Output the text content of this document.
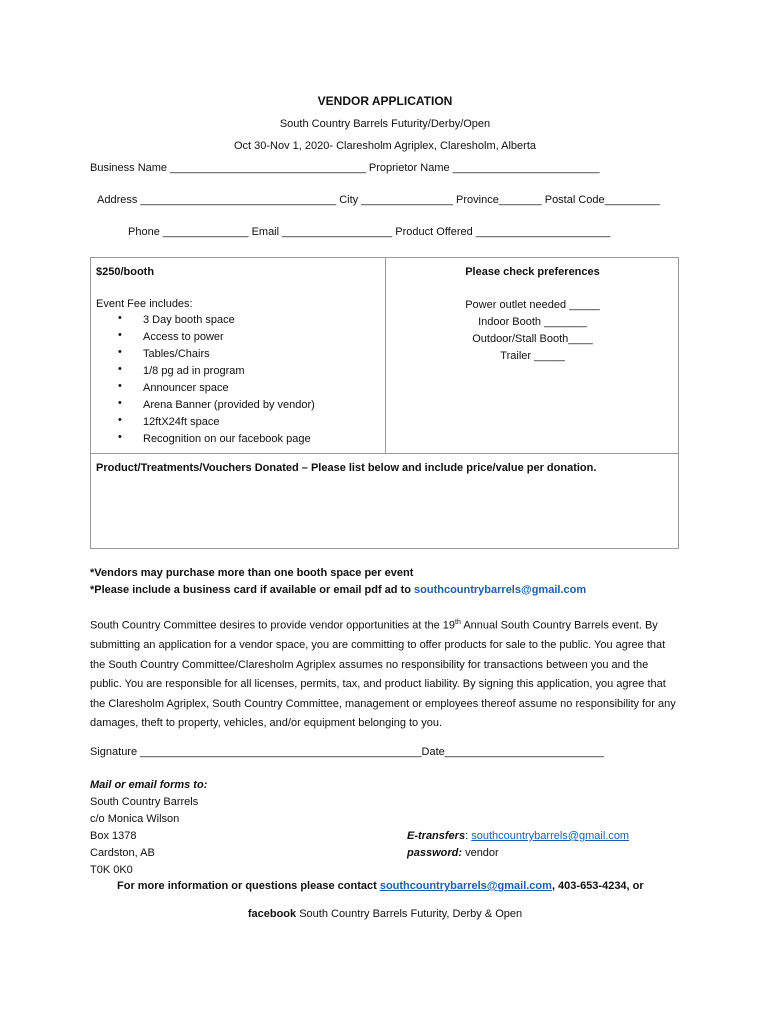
VENDOR APPLICATION
South Country Barrels Futurity/Derby/Open
Oct 30-Nov 1, 2020- Claresholm Agriplex, Claresholm, Alberta
Business Name ________________________________ Proprietor Name ________________________
Address ________________________________ City _______________ Province_______ Postal Code_________
Phone ______________ Email __________________ Product Offered ______________________
$250/booth
Event Fee includes:
• 3 Day booth space
• Access to power
• Tables/Chairs
• 1/8 pg ad in program
• Announcer space
• Arena Banner (provided by vendor)
• 12ftX24ft space
• Recognition on our facebook page
Please check preferences
Power outlet needed _____
Indoor Booth _______
Outdoor/Stall Booth____
Trailer _____
Product/Treatments/Vouchers Donated – Please list below and include price/value per donation.
*Vendors may purchase more than one booth space per event
*Please include a business card if available or email pdf ad to southcountrybarrels@gmail.com
South Country Committee desires to provide vendor opportunities at the 19th Annual South Country Barrels event. By submitting an application for a vendor space, you are committing to offer products for sale to the public. You agree that the South Country Committee/Claresholm Agriplex assumes no responsibility for transactions between you and the public. You are responsible for all licenses, permits, tax, and product liability. By signing this application, you agree that the Claresholm Agriplex, South Country Committee, management or employees thereof assume no responsibility for any damages, theft to property, vehicles, and/or equipment belonging to you.
Signature ______________________________________________Date__________________________
Mail or email forms to:
South Country Barrels
c/o Monica Wilson
Box 1378
Cardston, AB
T0K 0K0
E-transfers: southcountrybarrels@gmail.com
password: vendor
For more information or questions please contact southcountrybarrels@gmail.com, 403-653-4234, or
facebook South Country Barrels Futurity, Derby & Open
